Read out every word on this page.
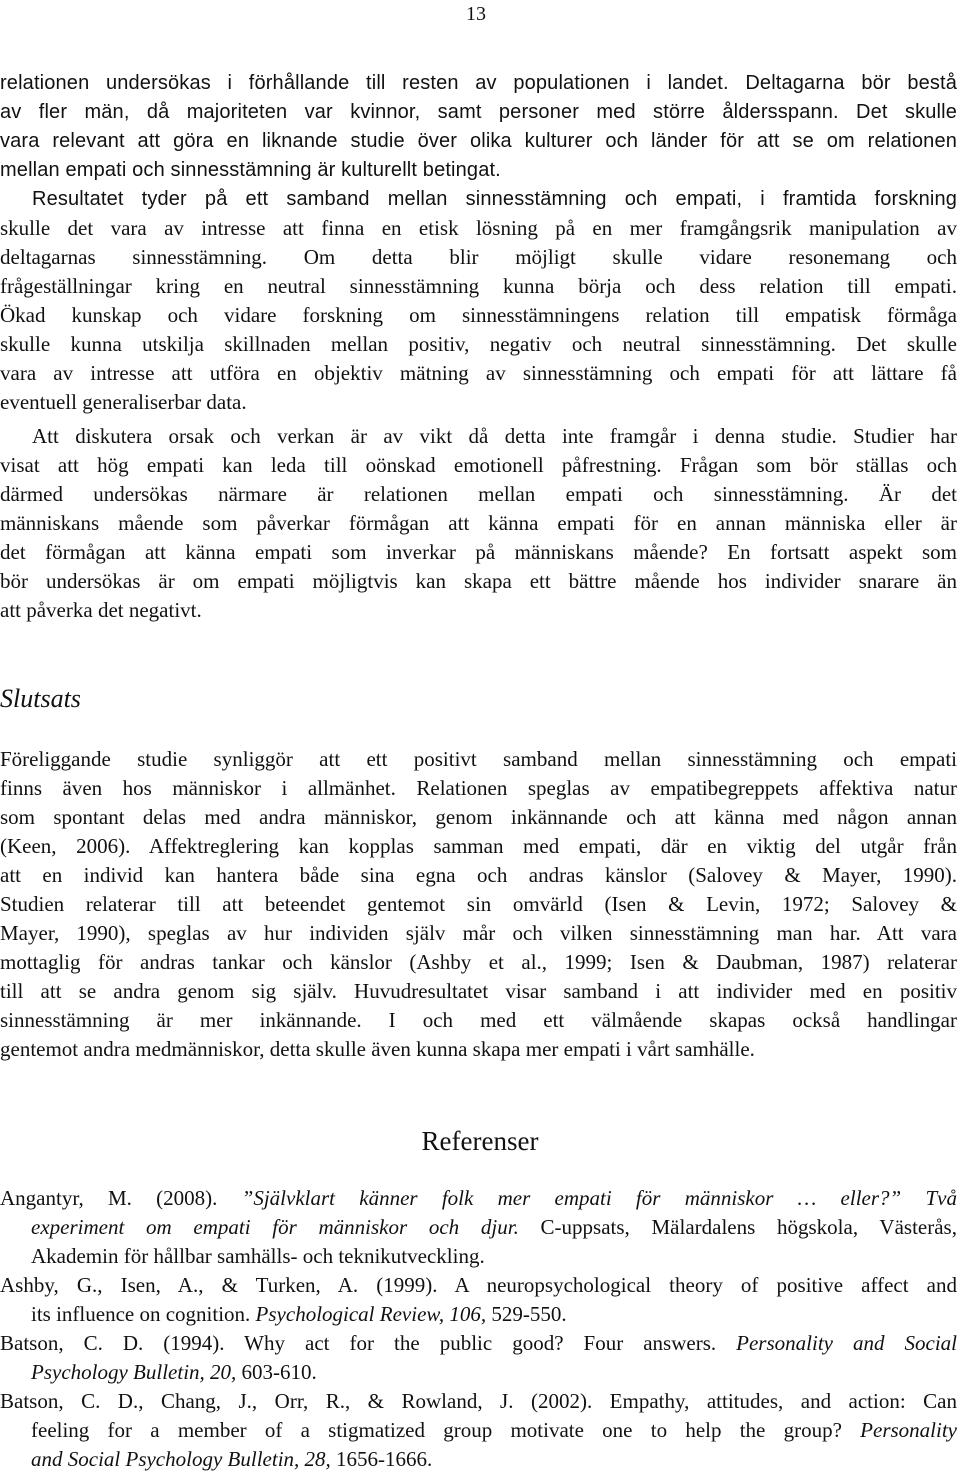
13
relationen undersökas i förhållande till resten av populationen i landet. Deltagarna bör bestå
av fler män, då majoriteten var kvinnor, samt personer med större åldersspann. Det skulle
vara relevant att göra en liknande studie över olika kulturer och länder för att se om relationen
mellan empati och sinnesstämning är kulturellt betingat.
Resultatet tyder på ett samband mellan sinnesstämning och empati, i framtida forskning
skulle det vara av intresse att finna en etisk lösning på en mer framgångsrik manipulation av
deltagarnas sinnesstämning. Om detta blir möjligt skulle vidare resonemang och
frågeställningar kring en neutral sinnesstämning kunna börja och dess relation till empati.
Ökad kunskap och vidare forskning om sinnesstämningens relation till empatisk förmåga
skulle kunna utskilja skillnaden mellan positiv, negativ och neutral sinnesstämning. Det skulle
vara av intresse att utföra en objektiv mätning av sinnesstämning och empati för att lättare få
eventuell generaliserbar data.
Att diskutera orsak och verkan är av vikt då detta inte framgår i denna studie. Studier har
visat att hög empati kan leda till oönskad emotionell påfrestning. Frågan som bör ställas och
därmed undersökas närmare är relationen mellan empati och sinnesstämning. Är det
människans mående som påverkar förmågan att känna empati för en annan människa eller är
det förmågan att känna empati som inverkar på människans mående? En fortsatt aspekt som
bör undersökas är om empati möjligtvis kan skapa ett bättre mående hos individer snarare än
att påverka det negativt.
Slutsats
Föreliggande studie synliggör att ett positivt samband mellan sinnesstämning och empati
finns även hos människor i allmänhet. Relationen speglas av empatibegreppets affektiva natur
som spontant delas med andra människor, genom inkännande och att känna med någon annan
(Keen, 2006). Affektreglering kan kopplas samman med empati, där en viktig del utgår från
att en individ kan hantera både sina egna och andras känslor (Salovey & Mayer, 1990).
Studien relaterar till att beteendet gentemot sin omvärld (Isen & Levin, 1972; Salovey &
Mayer, 1990), speglas av hur individen själv mår och vilken sinnesstämning man har. Att vara
mottaglig för andras tankar och känslor (Ashby et al., 1999; Isen & Daubman, 1987) relaterar
till att se andra genom sig själv. Huvudresultatet visar samband i att individer med en positiv
sinnesstämning är mer inkännande. I och med ett välmående skapas också handlingar
gentemot andra medmänniskor, detta skulle även kunna skapa mer empati i vårt samhälle.
Referenser
Angantyr, M. (2008). ”Självklart känner folk mer empati för människor … eller?” Två
experiment om empati för människor och djur. C-uppsats, Mälardalens högskola, Västerås,
Akademin för hållbar samhälls- och teknikutveckling.
Ashby, G., Isen, A., & Turken, A. (1999). A neuropsychological theory of positive affect and
its influence on cognition. Psychological Review, 106, 529-550.
Batson, C. D. (1994). Why act for the public good? Four answers. Personality and Social
Psychology Bulletin, 20, 603-610.
Batson, C. D., Chang, J., Orr, R., & Rowland, J. (2002). Empathy, attitudes, and action: Can
feeling for a member of a stigmatized group motivate one to help the group? Personality
and Social Psychology Bulletin, 28, 1656-1666.
